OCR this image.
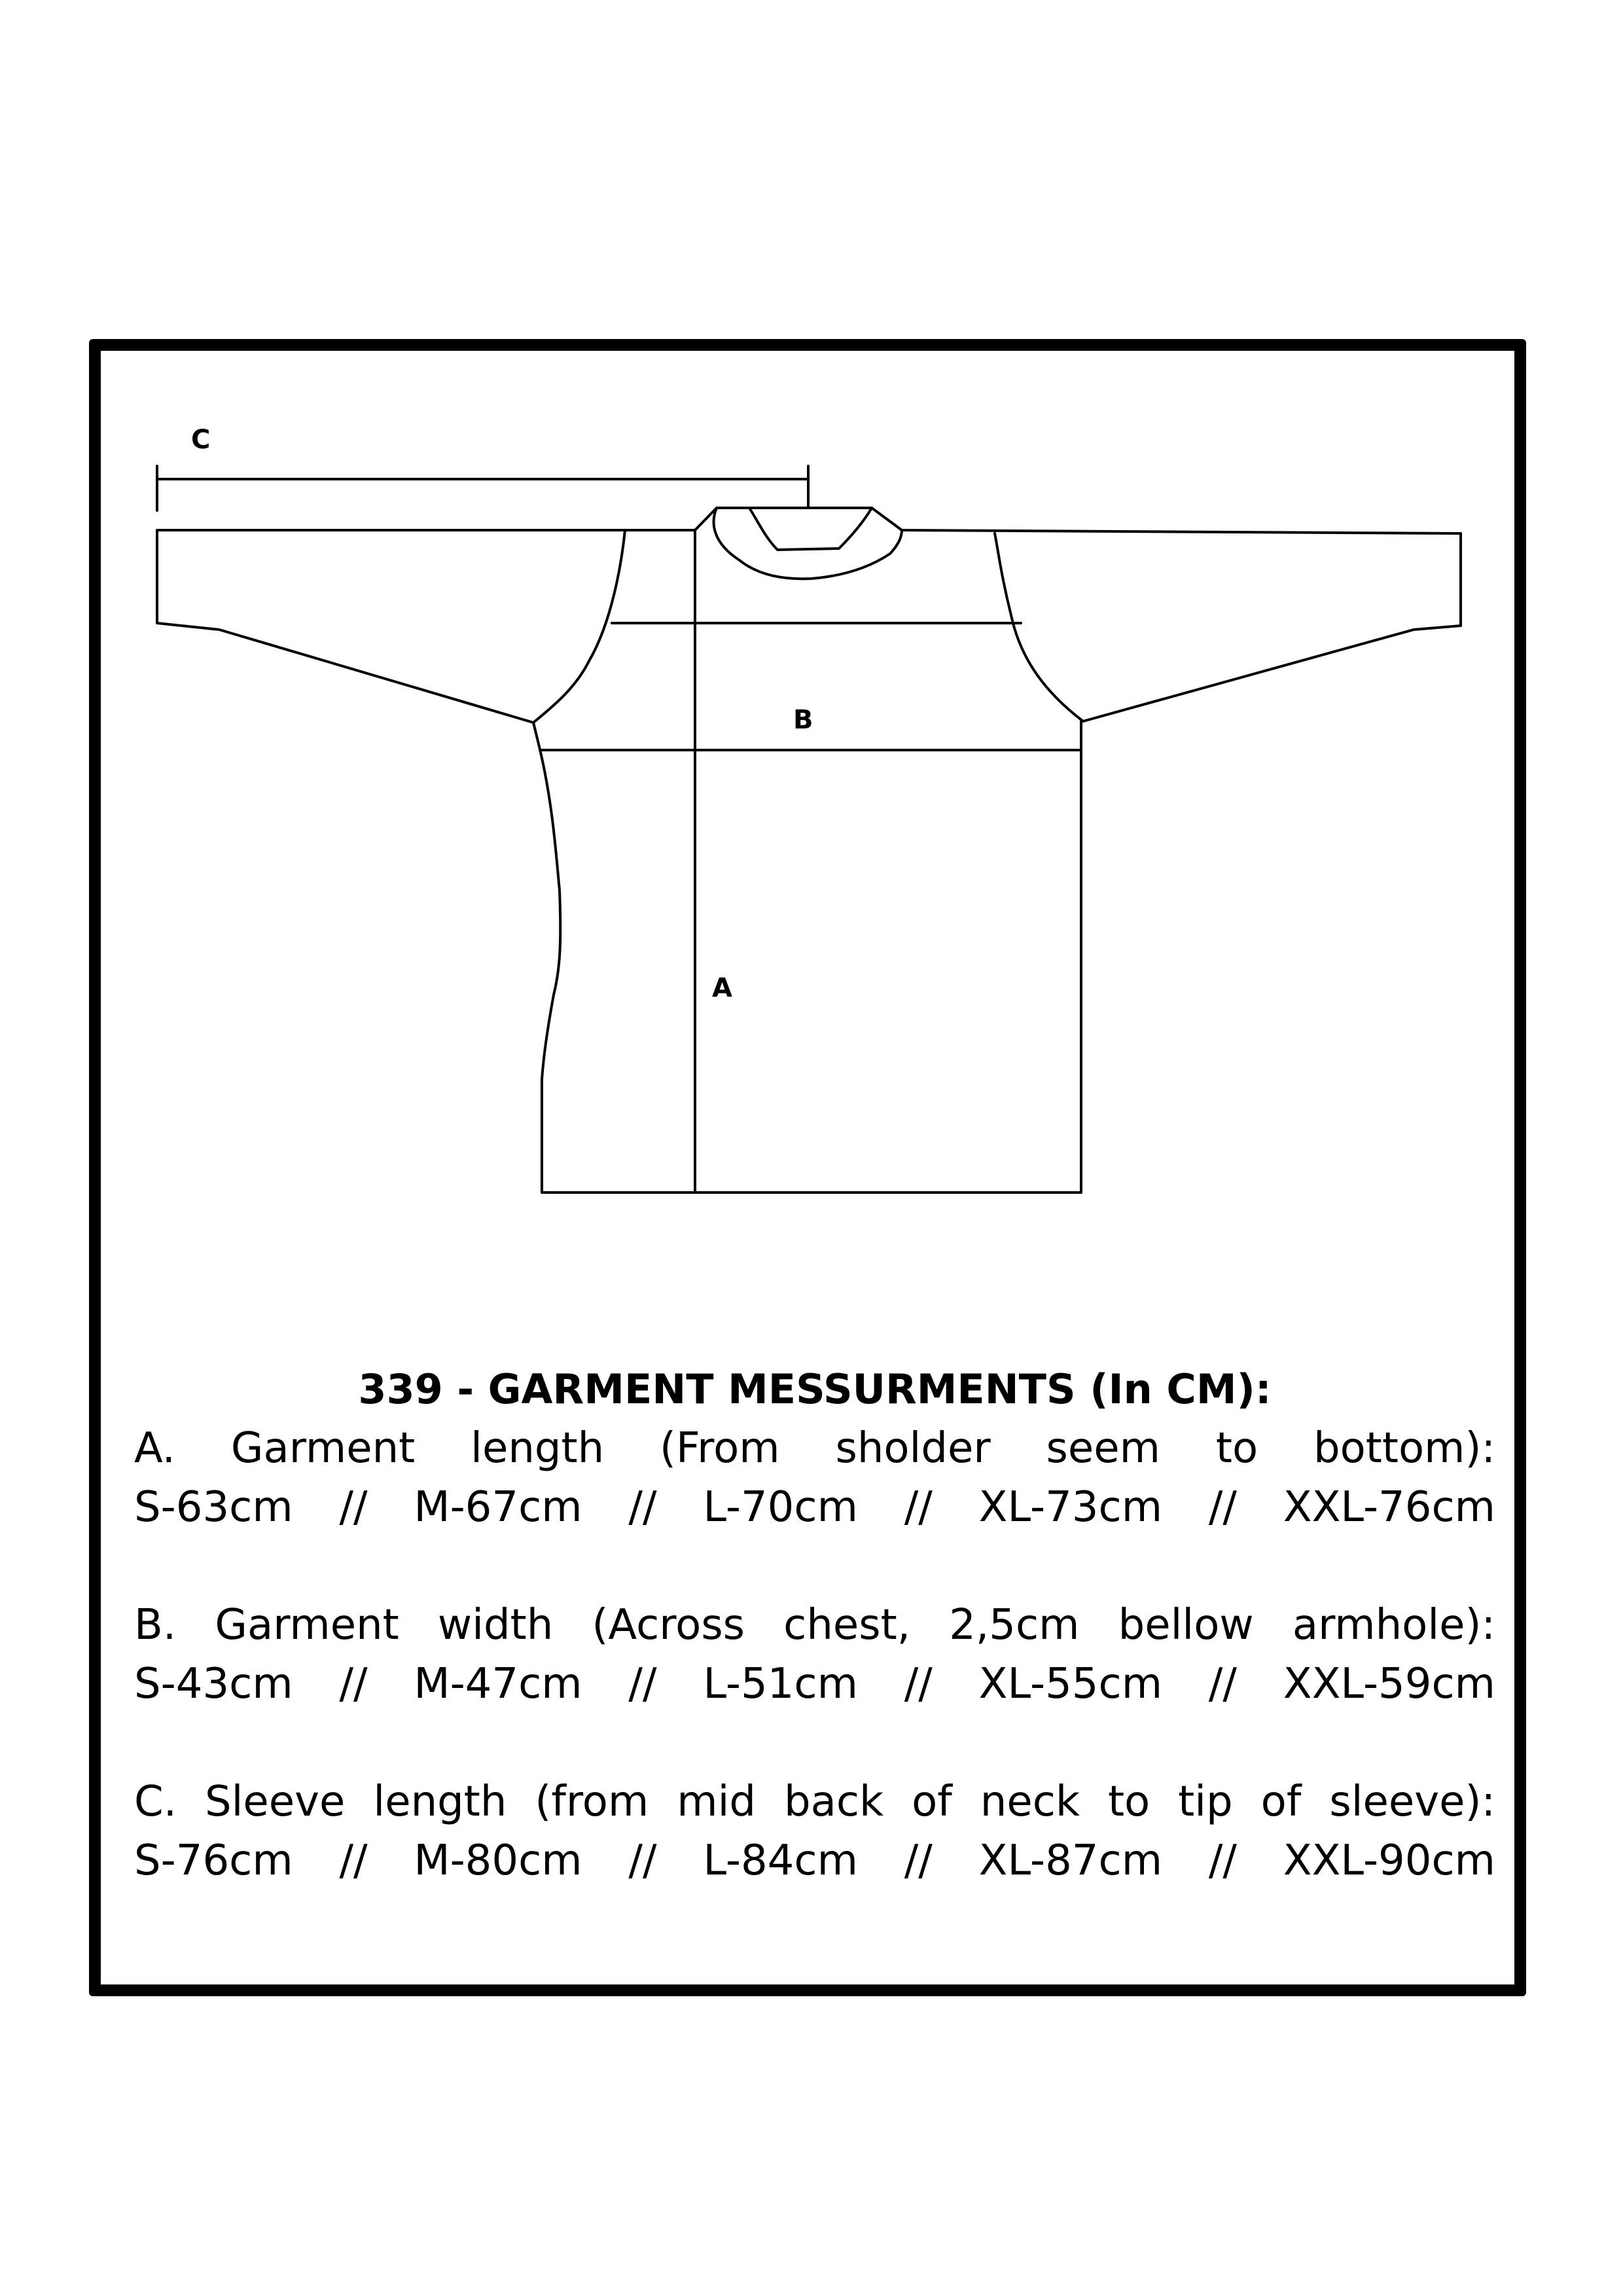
C
B
A
339 - GARMENT MESSURMENTS (In CM):
A. Garment length (From sholder seem to bottom):
S-63cm // M-67cm // L-70cm // XL-73cm // XXL-76cm
B. Garment width (Across chest, 2,5cm bellow armhole):
S-43cm // M-47cm // L-51cm // XL-55cm // XXL-59cm
C. Sleeve length (from mid back of neck to tip of sleeve):
S-76cm // M-80cm // L-84cm // XL-87cm // XXL-90cm
